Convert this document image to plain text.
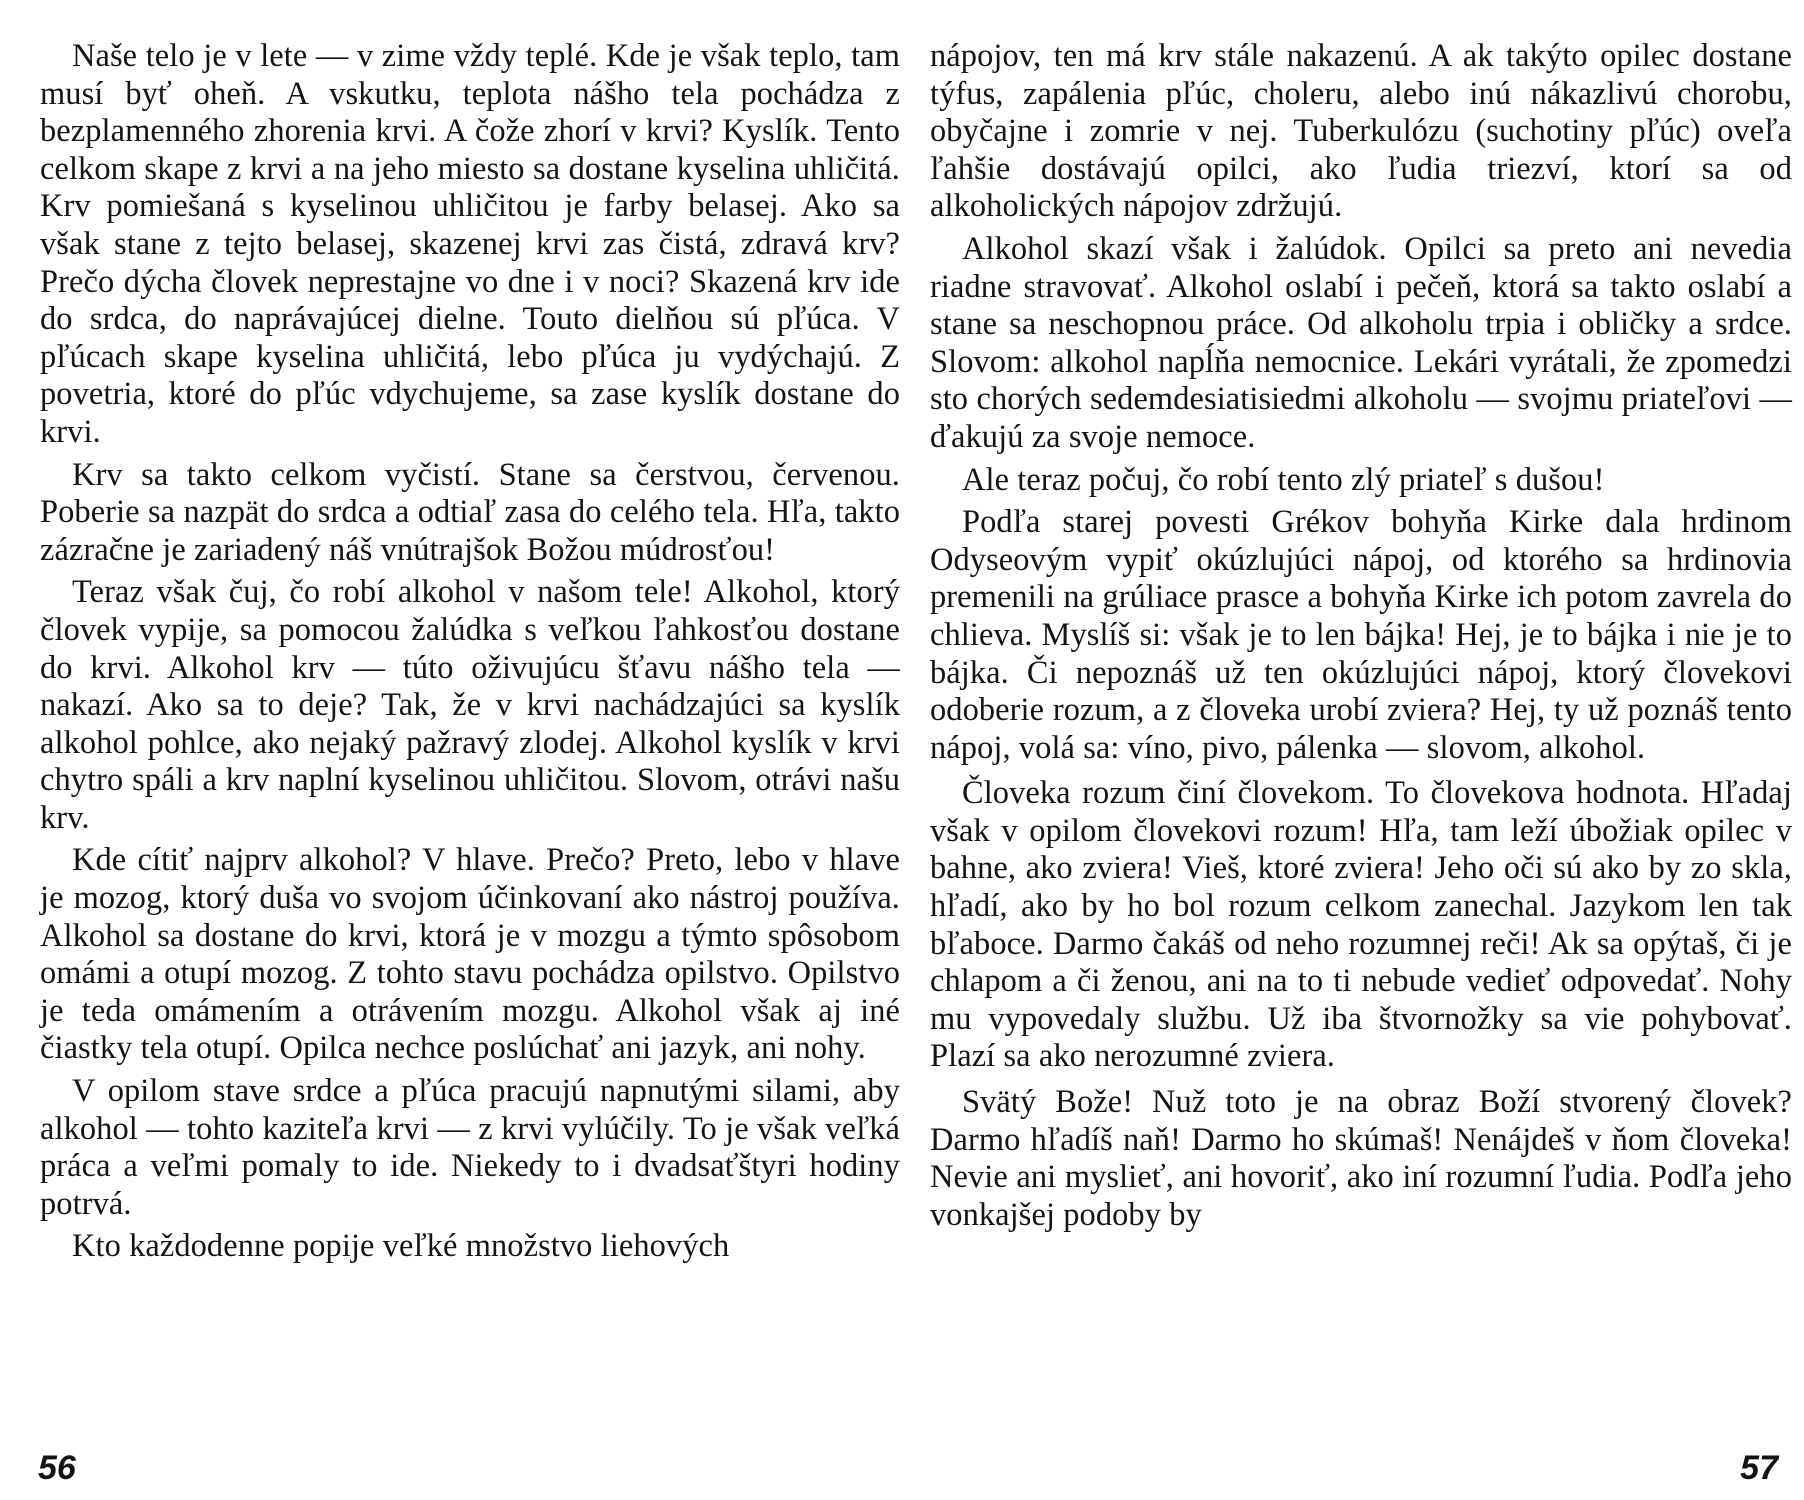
Naše telo je v lete — v zime vždy teplé. Kde je však teplo, tam musí byť oheň. A vskutku, teplota nášho tela pochádza z bezplamenného zhorenia krvi. A čože zhorí v krvi? Kyslík. Tento celkom skape z krvi a na jeho miesto sa dostane kyselina uhličitá. Krv pomiešaná s kyselinou uhličitou je farby belasej. Ako sa však stane z tejto belasej, skazenej krvi zas čistá, zdravá krv? Prečo dýcha človek neprestajne vo dne i v noci? Skazená krv ide do srdca, do naprávajúcej dielne. Touto dielňou sú pľúca. V pľúcach skape kyselina uhličitá, lebo pľúca ju vydýchajú. Z povetria, ktoré do pľúc vdychujeme, sa zase kyslík dostane do krvi.

Krv sa takto celkom vyčistí. Stane sa čerstvou, červenou. Poberie sa nazpät do srdca a odtiaľ zasa do celého tela. Hľa, takto zázračne je zariadený náš vnútrajšok Božou múdrosťou!

Teraz však čuj, čo robí alkohol v našom tele! Alkohol, ktorý človek vypije, sa pomocou žalúdka s veľkou ľahkosťou dostane do krvi. Alkohol krv — túto oživujúcu šťavu nášho tela — nakazí. Ako sa to deje? Tak, že v krvi nachádzajúci sa kyslík alkohol pohlce, ako nejaký pažravý zlodej. Alkohol kyslík v krvi chytro spáli a krv naplní kyselinou uhličitou. Slovom, otrávi našu krv.

Kde cítiť najprv alkohol? V hlave. Prečo? Preto, lebo v hlave je mozog, ktorý duša vo svojom účinkovaní ako nástroj používa. Alkohol sa dostane do krvi, ktorá je v mozgu a týmto spôsobom omámi a otupí mozog. Z tohto stavu pochádza opilstvo. Opilstvo je teda omámením a otrávením mozgu. Alkohol však aj iné čiastky tela otupí. Opilca nechce poslúchať ani jazyk, ani nohy.

V opilom stave srdce a pľúca pracujú napnutými silami, aby alkohol — tohto kaziteľa krvi — z krvi vylúčily. To je však veľká práca a veľmi pomaly to ide. Niekedy to i dvadsaťštyri hodiny potrvá.

Kto každodenne popije veľké množstvo liehových

nápojov, ten má krv stále nakazenú. A ak takýto opilec dostane týfus, zapálenia pľúc, choleru, alebo inú nákazlivú chorobu, obyčajne i zomrie v nej. Tuberkulózu (suchotiny pľúc) oveľa ľahšie dostávajú opilci, ako ľudia triezví, ktorí sa od alkoholických nápojov zdržujú.

Alkohol skazí však i žalúdok. Opilci sa preto ani nevedia riadne stravovať. Alkohol oslabí i pečeň, ktorá sa takto oslabí a stane sa neschopnou práce. Od alkoholu trpia i obličky a srdce. Slovom: alkohol napĺňa nemocnice. Lekári vyrátali, že zpomedzi sto chorých sedemdesiatisiedmi alkoholu — svojmu priateľovi — ďakujú za svoje nemoce.

Ale teraz počuj, čo robí tento zlý priateľ s dušou!

Podľa starej povesti Grékov bohyňa Kirke dala hrdinom Odyseovým vypiť okúzlujúci nápoj, od ktorého sa hrdinovia premenili na grúliace prasce a bohyňa Kirke ich potom zavrela do chlieva. Myslíš si: však je to len bájka! Hej, je to bájka i nie je to bájka. Či nepoznáš už ten okúzlujúci nápoj, ktorý človekovi odoberie rozum, a z človeka urobí zviera? Hej, ty už poznáš tento nápoj, volá sa: víno, pivo, pálenka — slovom, alkohol.

Človeka rozum činí človekom. To človekova hodnota. Hľadaj však v opilom človekovi rozum! Hľa, tam leží úbožiak opilec v bahne, ako zviera! Vieš, ktoré zviera! Jeho oči sú ako by zo skla, hľadí, ako by ho bol rozum celkom zanechal. Jazykom len tak bľaboce. Darmo čakáš od neho rozumnej reči! Ak sa opýtaš, či je chlapom a či ženou, ani na to ti nebude vedieť odpovedať. Nohy mu vypovedaly službu. Už iba štvornožky sa vie pohybovať. Plazí sa ako nerozumné zviera.

Svätý Bože! Nuž toto je na obraz Boží stvorený človek? Darmo hľadíš naň! Darmo ho skúmaš! Nenájdeš v ňom človeka! Nevie ani myslieť, ani hovoriť, ako iní rozumní ľudia. Podľa jeho vonkajšej podoby by

56	57
